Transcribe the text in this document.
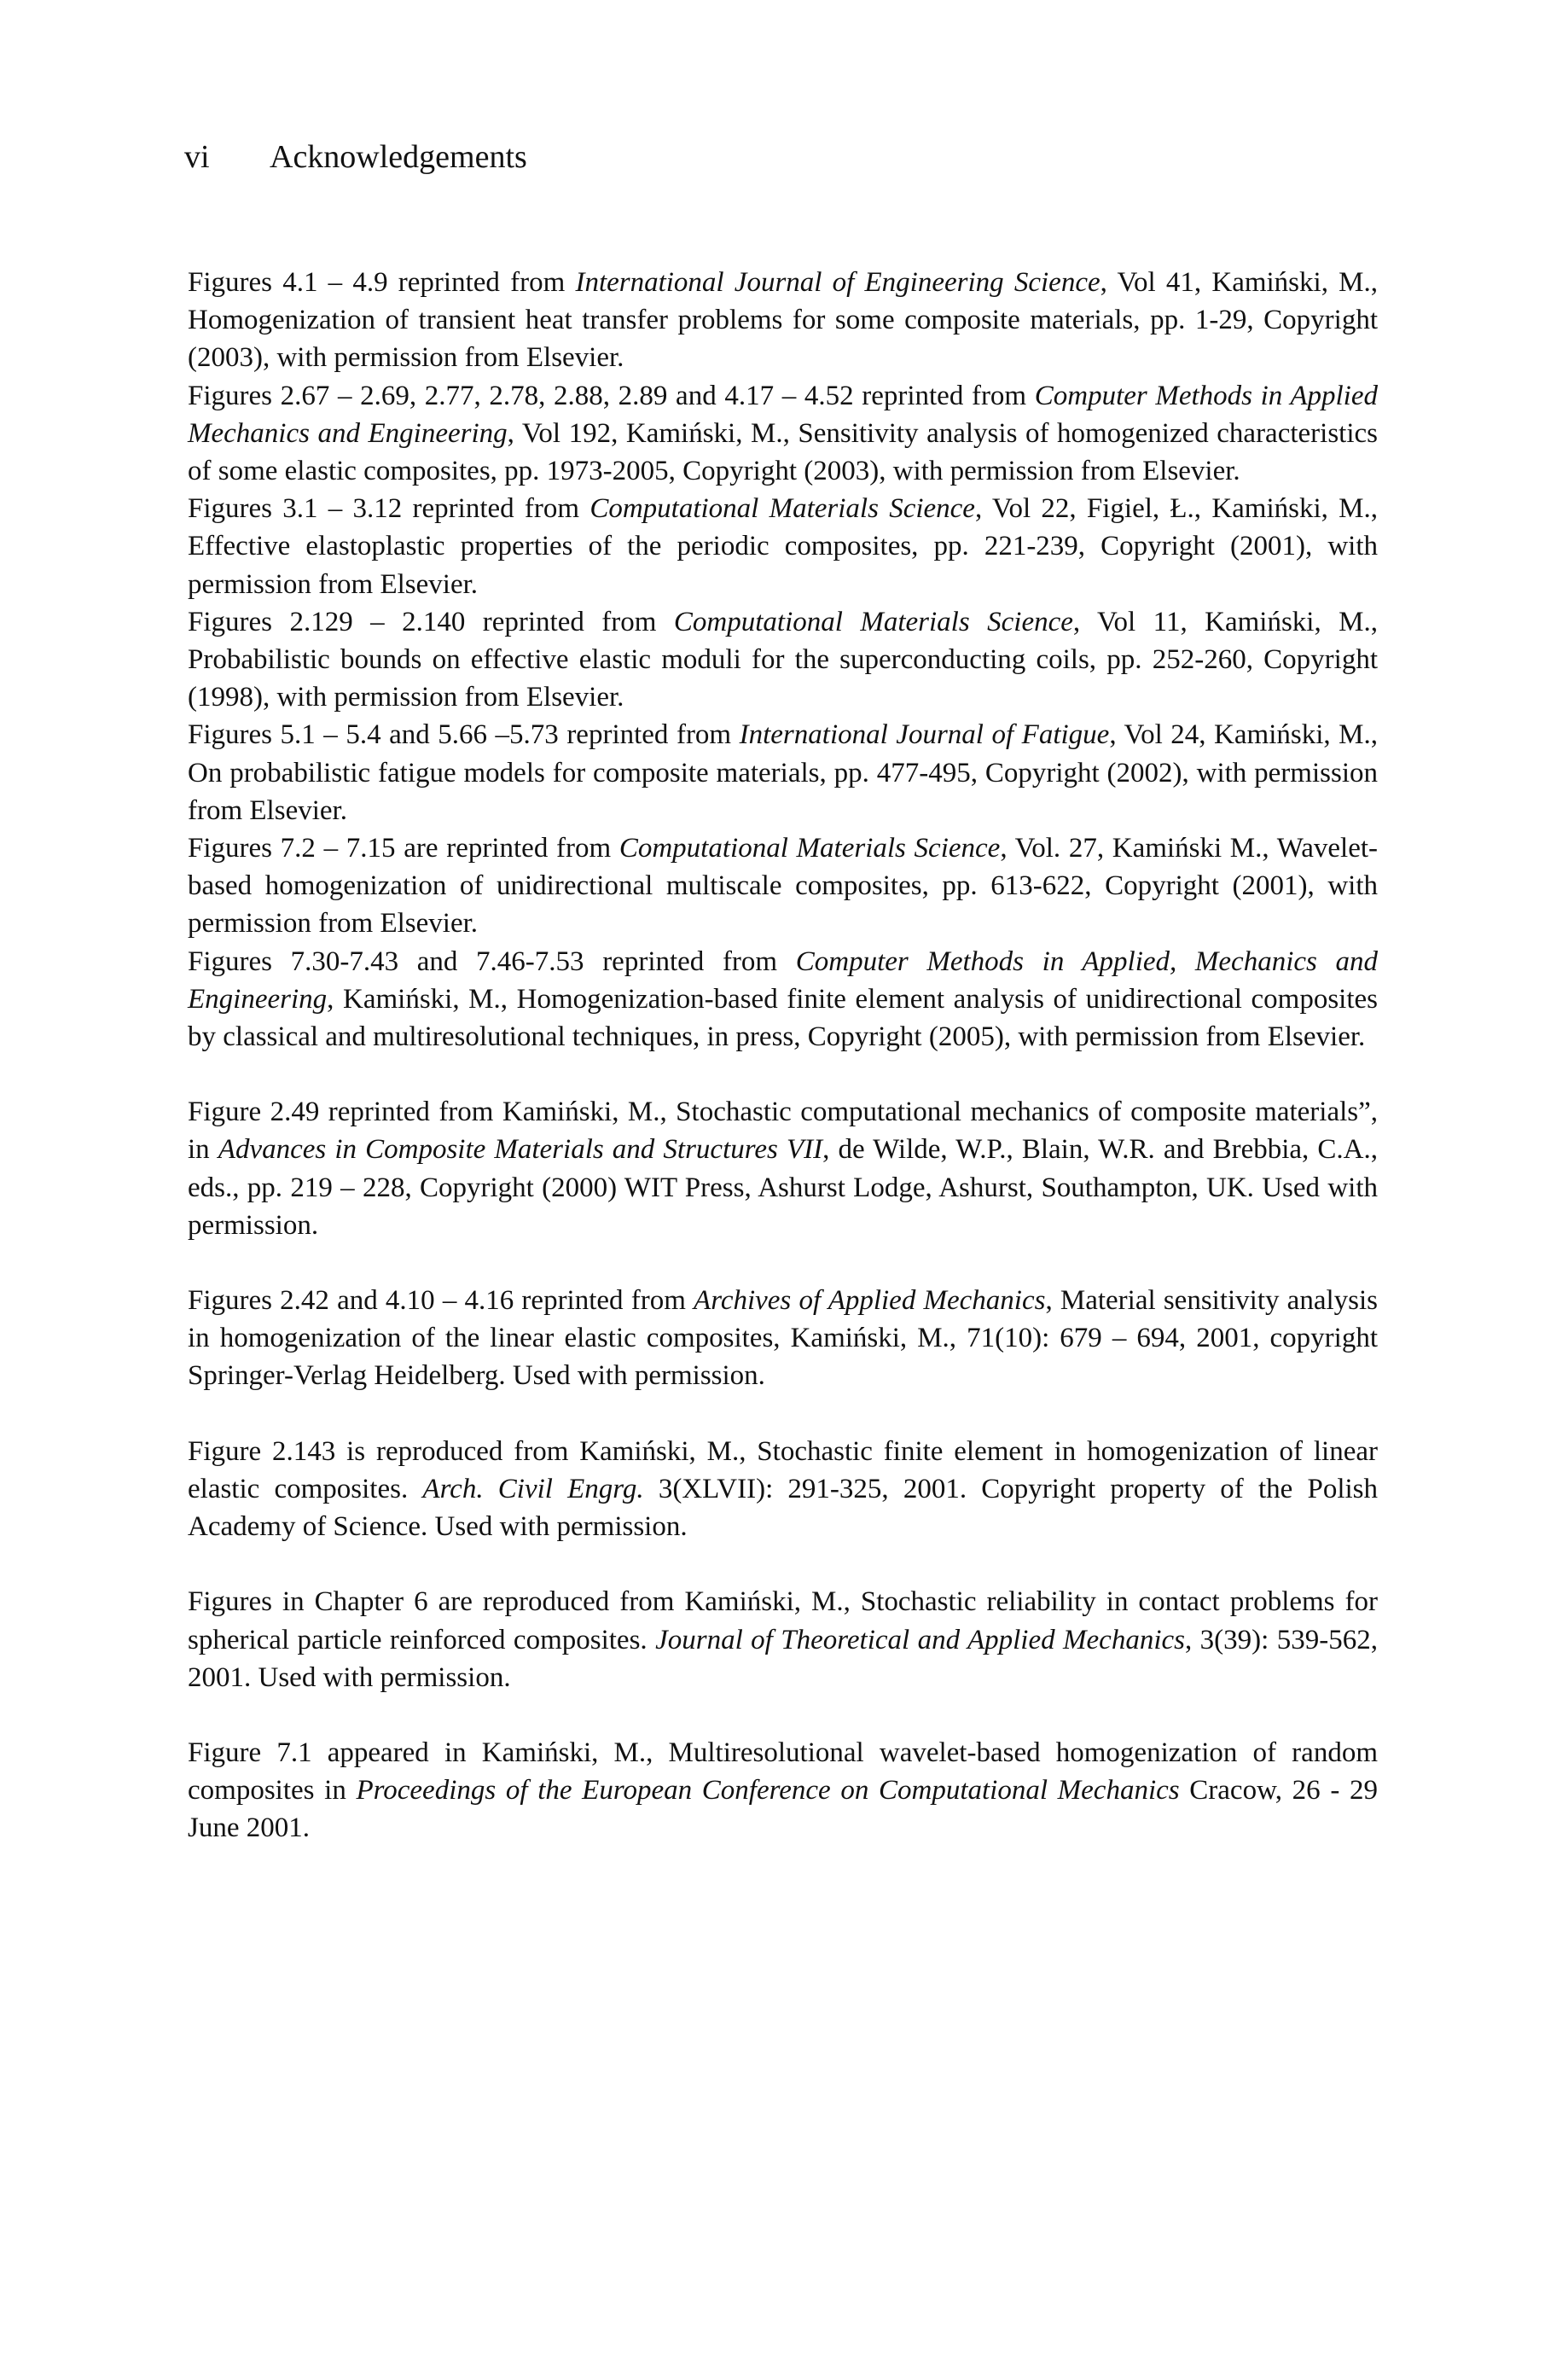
vi Acknowledgements

Figures 4.1 – 4.9 reprinted from International Journal of Engineering Science, Vol 41, Kamiński, M., Homogenization of transient heat transfer problems for some composite materials, pp. 1-29, Copyright (2003), with permission from Elsevier.

Figures 2.67 – 2.69, 2.77, 2.78, 2.88, 2.89 and 4.17 – 4.52 reprinted from Computer Methods in Applied Mechanics and Engineering, Vol 192, Kamiński, M., Sensitivity analysis of homogenized characteristics of some elastic composites, pp. 1973-2005, Copyright (2003), with permission from Elsevier.

Figures 3.1 – 3.12 reprinted from Computational Materials Science, Vol 22, Figiel, Ł., Kamiński, M., Effective elastoplastic properties of the periodic composites, pp. 221-239, Copyright (2001), with permission from Elsevier.

Figures 2.129 – 2.140 reprinted from Computational Materials Science, Vol 11, Kamiński, M., Probabilistic bounds on effective elastic moduli for the superconducting coils, pp. 252-260, Copyright (1998), with permission from Elsevier.

Figures 5.1 – 5.4 and 5.66 –5.73 reprinted from International Journal of Fatigue, Vol 24, Kamiński, M., On probabilistic fatigue models for composite materials, pp. 477-495, Copyright (2002), with permission from Elsevier.

Figures 7.2 – 7.15 are reprinted from Computational Materials Science, Vol. 27, Kamiński M., Wavelet-based homogenization of unidirectional multiscale composites, pp. 613-622, Copyright (2001), with permission from Elsevier.

Figures 7.30-7.43 and 7.46-7.53 reprinted from Computer Methods in Applied, Mechanics and Engineering, Kamiński, M., Homogenization-based finite element analysis of unidirectional composites by classical and multiresolutional techniques, in press, Copyright (2005), with permission from Elsevier.

Figure 2.49 reprinted from Kamiński, M., Stochastic computational mechanics of composite materials”, in Advances in Composite Materials and Structures VII, de Wilde, W.P., Blain, W.R. and Brebbia, C.A., eds., pp. 219 – 228, Copyright (2000) WIT Press, Ashurst Lodge, Ashurst, Southampton, UK. Used with permission.

Figures 2.42 and 4.10 – 4.16 reprinted from Archives of Applied Mechanics, Material sensitivity analysis in homogenization of the linear elastic composites, Kamiński, M., 71(10): 679 – 694, 2001, copyright Springer-Verlag Heidelberg. Used with permission.

Figure 2.143 is reproduced from Kamiński, M., Stochastic finite element in homogenization of linear elastic composites. Arch. Civil Engrg. 3(XLVII): 291-325, 2001. Copyright property of the Polish Academy of Science. Used with permission.

Figures in Chapter 6 are reproduced from Kamiński, M., Stochastic reliability in contact problems for spherical particle reinforced composites. Journal of Theoretical and Applied Mechanics, 3(39): 539-562, 2001. Used with permission.

Figure 7.1 appeared in Kamiński, M., Multiresolutional wavelet-based homogenization of random composites in Proceedings of the European Conference on Computational Mechanics Cracow, 26 - 29 June 2001.
